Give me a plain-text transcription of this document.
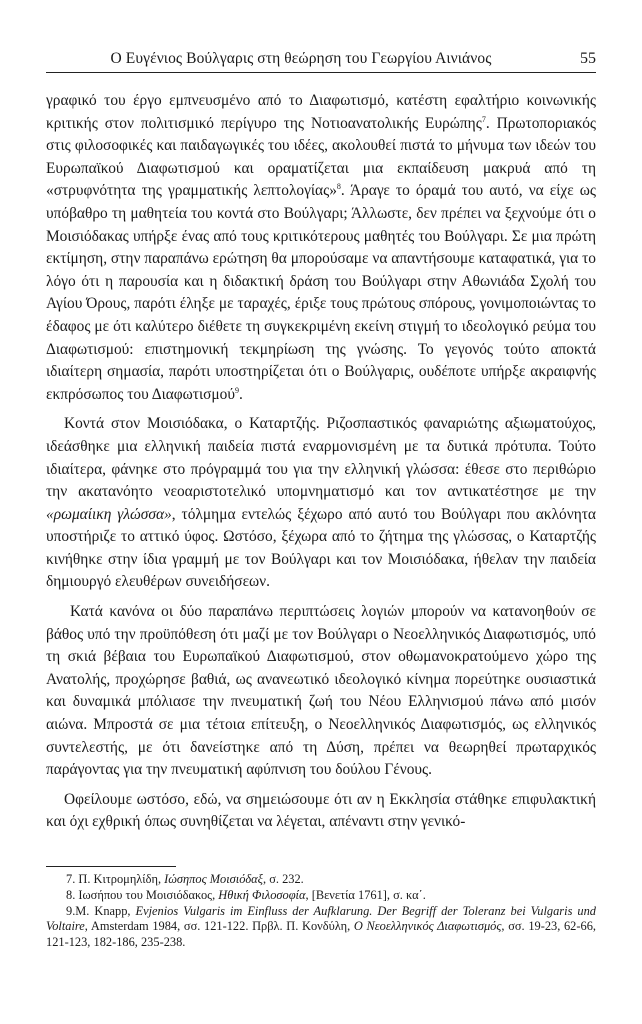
Ο Ευγένιος Βούλγαρις στη θεώρηση του Γεωργίου Αινιάνος	55

γραφικό του έργο εμπνευσμένο από το Διαφωτισμό, κατέστη εφαλτήριο κοινωνικής κριτικής στον πολιτισμικό περίγυρο της Νοτιοανατολικής Ευρώπης$^7$. Πρωτοποριακός στις φιλοσοφικές και παιδαγωγικές του ιδέες, ακολουθεί πιστά το μήνυμα των ιδεών του Ευρωπαϊκού Διαφωτισμού και οραματίζεται μια εκπαίδευση μακρυά από τη «στρυφνότητα της γραμματικής λεπτολογίας»$^8$. Άραγε το όραμά του αυτό, να είχε ως υπόβαθρο τη μαθητεία του κοντά στο Βούλγαρι; Άλλωστε, δεν πρέπει να ξεχνούμε ότι ο Μοισιόδακας υπήρξε ένας από τους κριτικότερους μαθητές του Βούλγαρι. Σε μια πρώτη εκτίμηση, στην παραπάνω ερώτηση θα μπορούσαμε να απαντήσουμε καταφατικά, για το λόγο ότι η παρουσία και η διδακτική δράση του Βούλγαρι στην Αθωνιάδα Σχολή του Αγίου Όρους, παρότι έληξε με ταραχές, έριξε τους πρώτους σπόρους, γονιμοποιώντας το έδαφος με ότι καλύτερο διέθετε τη συγκεκριμένη εκείνη στιγμή το ιδεολογικό ρεύμα του Διαφωτισμού: επιστημονική τεκμηρίωση της γνώσης. Το γεγονός τούτο αποκτά ιδιαίτερη σημασία, παρότι υποστηρίζεται ότι ο Βούλγαρις, ουδέποτε υπήρξε ακραιφνής εκπρόσωπος του Διαφωτισμού$^9$.

Κοντά στον Μοισιόδακα, ο Καταρτζής. Ριζοσπαστικός φαναριώτης αξιωματούχος, ιδεάσθηκε μια ελληνική παιδεία πιστά εναρμονισμένη με τα δυτικά πρότυπα. Τούτο ιδιαίτερα, φάνηκε στο πρόγραμμά του για την ελληνική γλώσσα: έθεσε στο περιθώριο την ακατανόητο νεοαριστοτελικό υπομνηματισμό και τον αντικατέστησε με την «ρωμαίικη γλώσσα», τόλμημα εντελώς ξέχωρο από αυτό του Βούλγαρι που ακλόνητα υποστήριζε το αττικό ύφος. Ωστόσο, ξέχωρα από το ζήτημα της γλώσσας, ο Καταρτζής κινήθηκε στην ίδια γραμμή με τον Βούλγαρι και τον Μοισιόδακα, ήθελαν την παιδεία δημιουργό ελευθέρων συνειδήσεων.

Κατά κανόνα οι δύο παραπάνω περιπτώσεις λογιών μπορούν να κατανοηθούν σε βάθος υπό την προϋπόθεση ότι μαζί με τον Βούλγαρι ο Νεοελληνικός Διαφωτισμός, υπό τη σκιά βέβαια του Ευρωπαϊκού Διαφωτισμού, στον οθωμανοκρατούμενο χώρο της Ανατολής, προχώρησε βαθιά, ως ανανεωτικό ιδεολογικό κίνημα πορεύτηκε ουσιαστικά και δυναμικά μπόλιασε την πνευματική ζωή του Νέου Ελληνισμού πάνω από μισόν αιώνα. Μπροστά σε μια τέτοια επίτευξη, ο Νεοελληνικός Διαφωτισμός, ως ελληνικός συντελεστής, με ότι δανείστηκε από τη Δύση, πρέπει να θεωρηθεί πρωταρχικός παράγοντας για την πνευματική αφύπνιση του δούλου Γένους.

Οφείλουμε ωστόσο, εδώ, να σημειώσουμε ότι αν η Εκκλησία στάθηκε επιφυλακτική και όχι εχθρική όπως συνηθίζεται να λέγεται, απέναντι στην γενικό-

7. Π. Κιτρομηλίδη, Ιώσηπος Μοισιόδαξ, σ. 232.
8. Ιωσήπου του Μοισιόδακος, Ηθική Φιλοσοφία, [Βενετία 1761], σ. κα΄.
9.M. Knapp, Evjenios Vulgaris im Einfluss der Aufklarung. Der Begriff der Toleranz bei Vulgaris und Voltaire, Amsterdam 1984, σσ. 121-122. Πρβλ. Π. Κονδύλη, Ο Νεοελληνικός Διαφωτισμός, σσ. 19-23, 62-66, 121-123, 182-186, 235-238.
